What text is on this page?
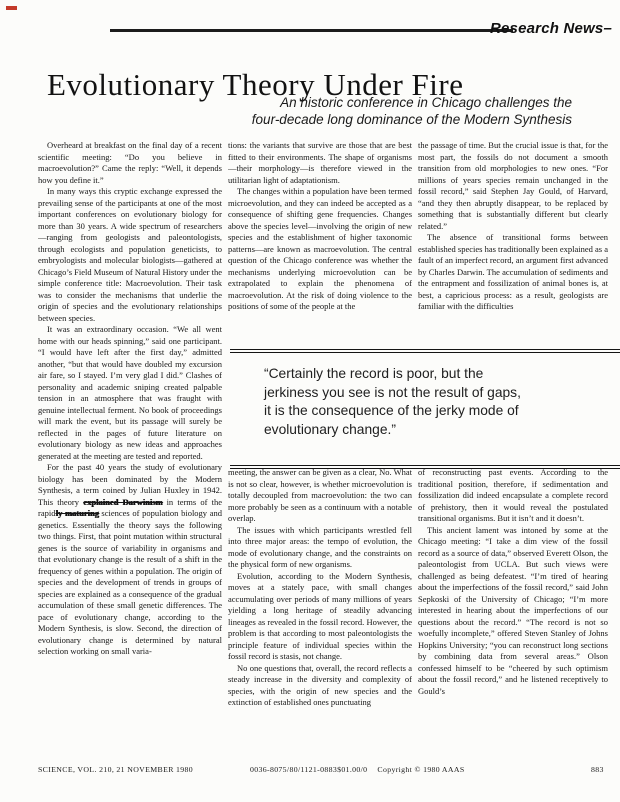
Research News–
Evolutionary Theory Under Fire
An historic conference in Chicago challenges the
four-decade long dominance of the Modern Synthesis

Overheard at breakfast on the final day of a recent scientific meeting: “Do you believe in macroevolution?” Came the reply: “Well, it depends how you define it.”

In many ways this cryptic exchange expressed the prevailing sense of the participants at one of the most important conferences on evolutionary biology for more than 30 years. A wide spectrum of researchers—ranging from geologists and paleontologists, through ecologists and population geneticists, to embryologists and molecular biologists—gathered at Chicago’s Field Museum of Natural History under the simple conference title: Macroevolution. Their task was to consider the mechanisms that underlie the origin of species and the evolutionary relationships between species.

It was an extraordinary occasion. “We all went home with our heads spinning,” said one participant. “I would have left after the first day,” admitted another, “but that would have doubled my excursion air fare, so I stayed. I’m very glad I did.” Clashes of personality and academic sniping created palpable tension in an atmosphere that was fraught with genuine intellectual ferment. No book of proceedings will mark the event, but its passage will surely be reflected in the pages of future literature on evolutionary biology as new ideas and approaches generated at the meeting are tested and reported.

For the past 40 years the study of evolutionary biology has been dominated by the Modern Synthesis, a term coined by Julian Huxley in 1942. This theory explained Darwinism in terms of the rapidly maturing sciences of population biology and genetics. Essentially the theory says the following two things. First, that point mutation within structural genes is the source of variability in organisms and that evolutionary change is the result of a shift in the frequency of genes within a population. The origin of species and the development of trends in groups of species are explained as a consequence of the gradual accumulation of these small genetic differences. The pace of evolutionary change, according to the Modern Synthesis, is slow. Second, the direction of evolutionary change is determined by natural selection working on small varia-

tions: the variants that survive are those that are best fitted to their environments. The shape of organisms—their morphology—is therefore viewed in the utilitarian light of adaptationism.

The changes within a population have been termed microevolution, and they can indeed be accepted as a consequence of shifting gene frequencies. Changes above the species level—involving the origin of new species and the establishment of higher taxonomic patterns—are known as macroevolution. The central question of the Chicago conference was whether the mechanisms underlying microevolution can be extrapolated to explain the phenomena of macroevolution. At the risk of doing violence to the positions of some of the people at the

the passage of time. But the crucial issue is that, for the most part, the fossils do not document a smooth transition from old morphologies to new ones. “For millions of years species remain unchanged in the fossil record,” said Stephen Jay Gould, of Harvard, “and they then abruptly disappear, to be replaced by something that is substantially different but clearly related.”

The absence of transitional forms between established species has traditionally been explained as a fault of an imperfect record, an argument first advanced by Charles Darwin. The accumulation of sediments and the entrapment and fossilization of animal bones is, at best, a capricious process: as a result, geologists are familiar with the difficulties

“Certainly the record is poor, but the
jerkiness you see is not the result of gaps,
it is the consequence of the jerky mode of
evolutionary change.”

meeting, the answer can be given as a clear, No. What is not so clear, however, is whether microevolution is totally decoupled from macroevolution: the two can more probably be seen as a continuum with a notable overlap.

The issues with which participants wrestled fell into three major areas: the tempo of evolution, the mode of evolutionary change, and the constraints on the physical form of new organisms.

Evolution, according to the Modern Synthesis, moves at a stately pace, with small changes accumulating over periods of many millions of years yielding a long heritage of steadily advancing lineages as revealed in the fossil record. However, the problem is that according to most paleontologists the principle feature of individual species within the fossil record is stasis, not change.

No one questions that, overall, the record reflects a steady increase in the diversity and complexity of species, with the origin of new species and the extinction of established ones punctuating

of reconstructing past events. According to the traditional position, therefore, if sedimentation and fossilization did indeed encapsulate a complete record of prehistory, then it would reveal the postulated transitional organisms. But it isn’t and it doesn’t.

This ancient lament was intoned by some at the Chicago meeting: “I take a dim view of the fossil record as a source of data,” observed Everett Olson, the paleontologist from UCLA. But such views were challenged as being defeatest. “I’m tired of hearing about the imperfections of the fossil record,” said John Sepkoski of the University of Chicago; “I’m more interested in hearing about the imperfections of our questions about the record.” “The record is not so woefully incomplete,” offered Steven Stanley of Johns Hopkins University; “you can reconstruct long sections by combining data from several areas.” Olson confessed himself to be “cheered by such optimism about the fossil record,” and he listened receptively to Gould’s

SCIENCE, VOL. 210, 21 NOVEMBER 1980	0036-8075/80/1121-0883$01.00/0 Copyright © 1980 AAAS	883
